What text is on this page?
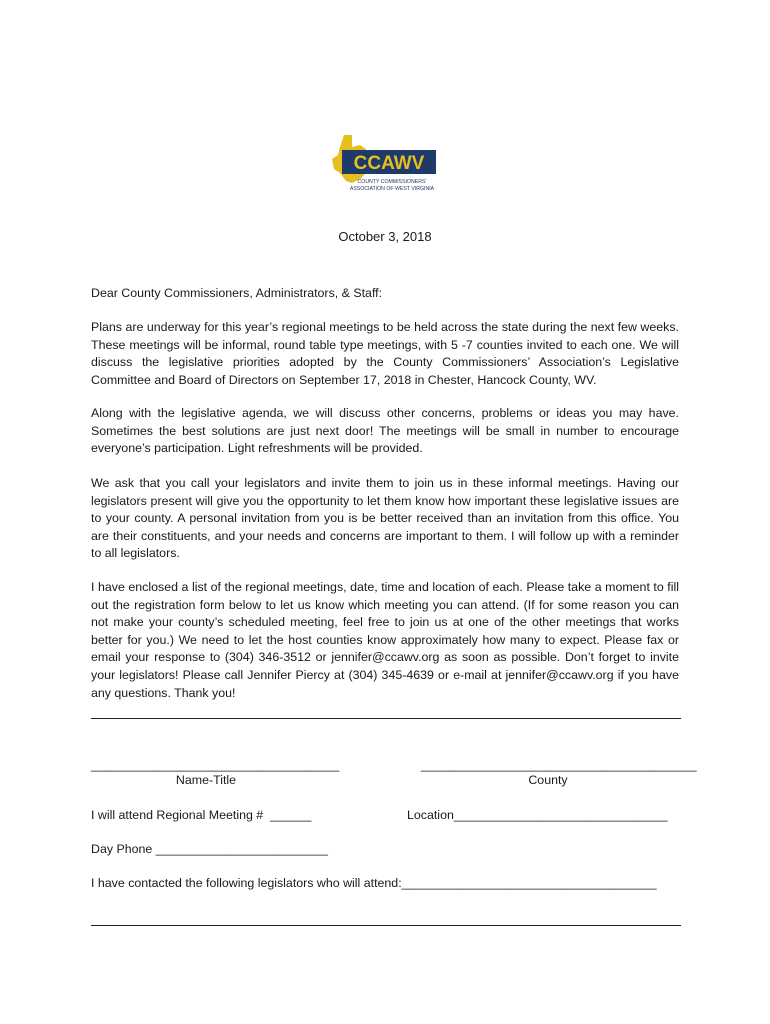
CCAWV
COUNTY COMMISSIONERS'
ASSOCIATION OF WEST VIRGINIA
October 3, 2018

Dear County Commissioners, Administrators, & Staff:

Plans are underway for this year’s regional meetings to be held across the state during the next few weeks. These meetings will be informal, round table type meetings, with 5 -7 counties invited to each one. We will discuss the legislative priorities adopted by the County Commissioners’ Association’s Legislative Committee and Board of Directors on September 17, 2018 in Chester, Hancock County, WV.

Along with the legislative agenda, we will discuss other concerns, problems or ideas you may have. Sometimes the best solutions are just next door! The meetings will be small in number to encourage everyone’s participation. Light refreshments will be provided.

We ask that you call your legislators and invite them to join us in these informal meetings. Having our legislators present will give you the opportunity to let them know how important these legislative issues are to your county. A personal invitation from you is be better received than an invitation from this office. You are their constituents, and your needs and concerns are important to them. I will follow up with a reminder to all legislators.

I have enclosed a list of the regional meetings, date, time and location of each. Please take a moment to fill out the registration form below to let us know which meeting you can attend. (If for some reason you can not make your county’s scheduled meeting, feel free to join us at one of the other meetings that works better for you.) We need to let the host counties know approximately how many to expect. Please fax or email your response to (304) 346-3512 or jennifer@ccawv.org as soon as possible. Don’t forget to invite your legislators! Please call Jennifer Piercy at (304) 345-4639 or e-mail at jennifer@ccawv.org if you have any questions. Thank you!

____________________________________
Name-Title
________________________________________
County
I will attend Regional Meeting #  ______	Location_______________________________
Day Phone _________________________
I have contacted the following legislators who will attend:_____________________________________
